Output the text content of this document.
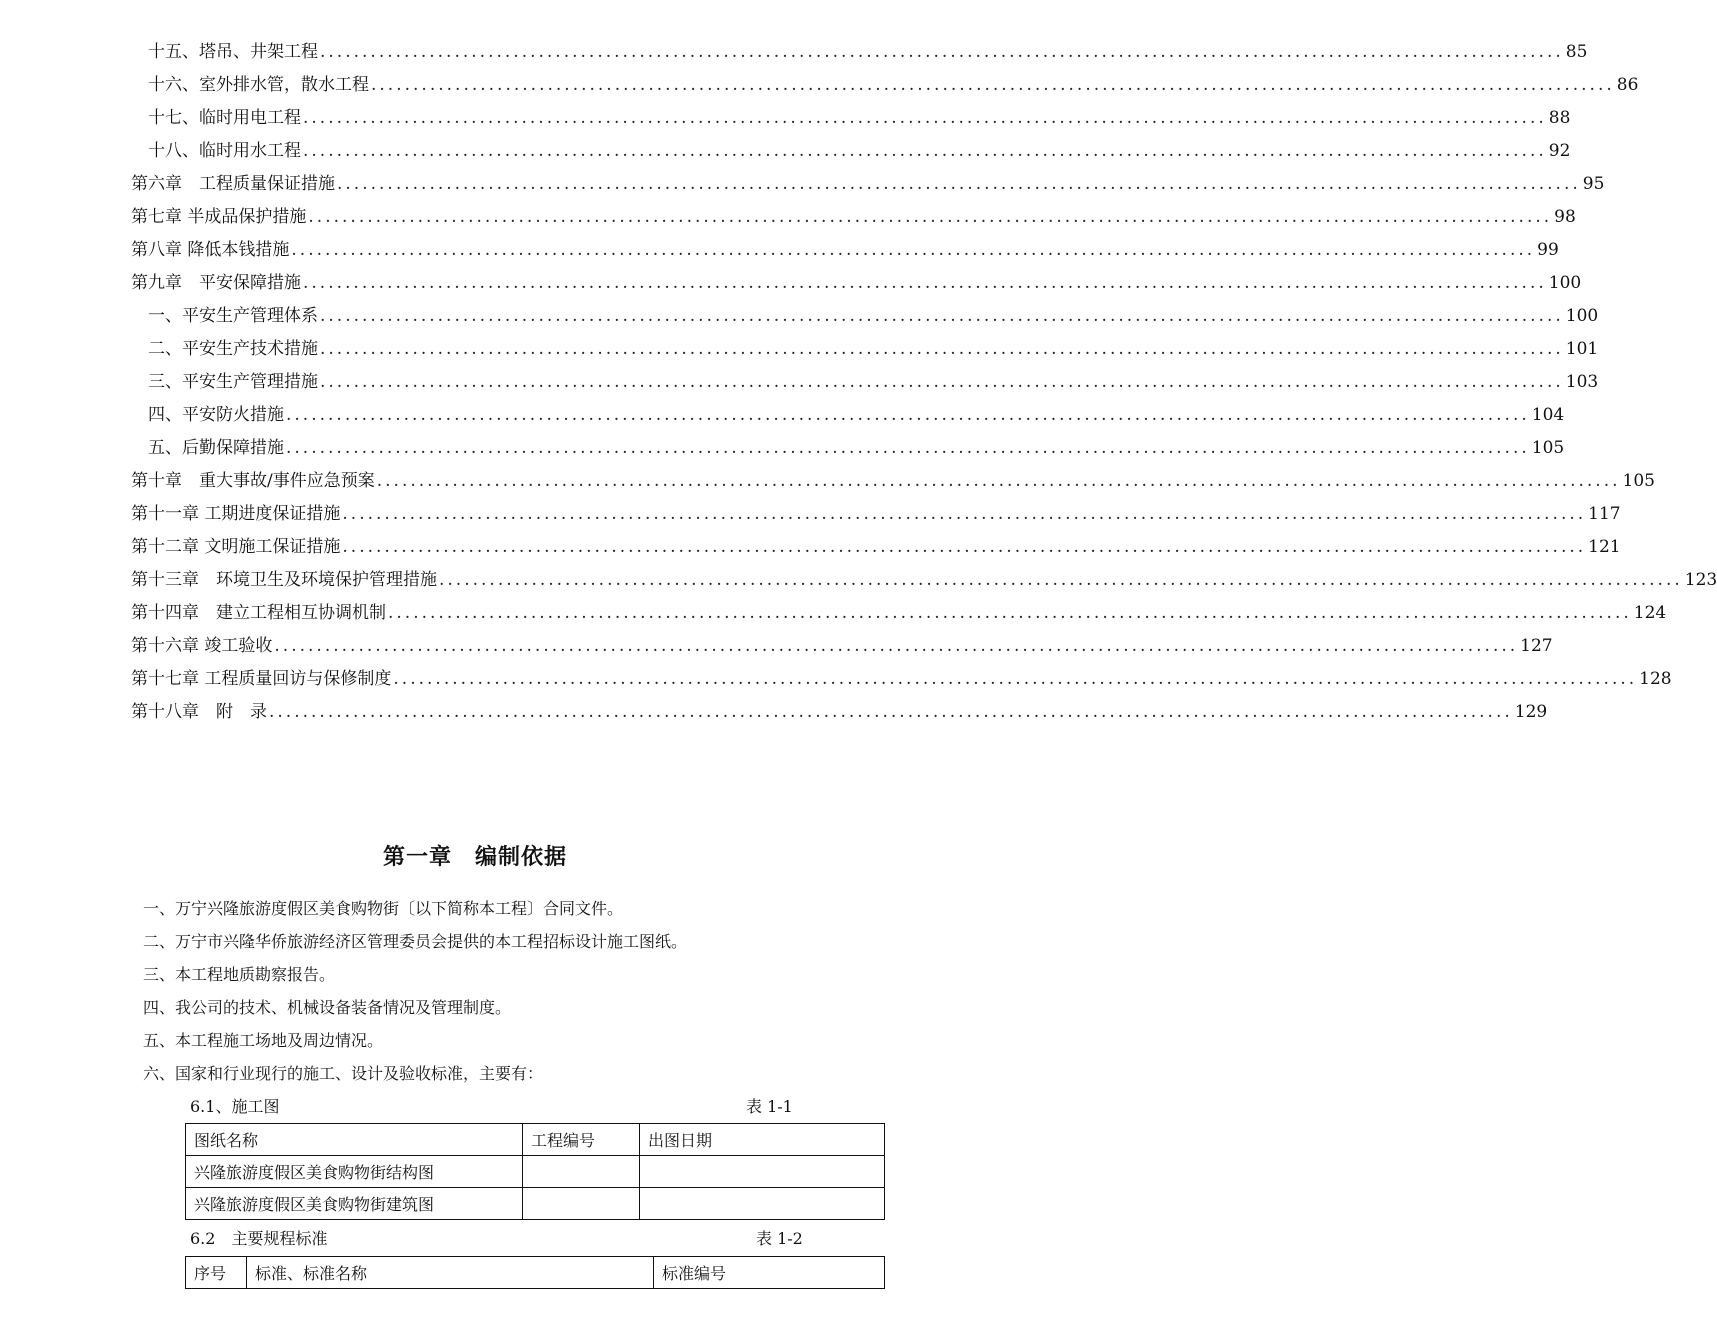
十五、塔吊、井架工程 .................................................................................................................................................... 85
十六、室外排水管，散水工程 .................................................................................................................................................... 86
十七、临时用电工程 .................................................................................................................................................... 88
十八、临时用水工程 .................................................................................................................................................... 92
第六章　工程质量保证措施 .................................................................................................................................................... 95
第七章 半成品保护措施 .................................................................................................................................................... 98
第八章 降低本钱措施 .................................................................................................................................................... 99
第九章　平安保障措施 .................................................................................................................................................... 100
一、平安生产管理体系 .................................................................................................................................................... 100
二、平安生产技术措施 .................................................................................................................................................... 101
三、平安生产管理措施 .................................................................................................................................................... 103
四、平安防火措施 .................................................................................................................................................... 104
五、后勤保障措施 .................................................................................................................................................... 105
第十章　重大事故/事件应急预案 .................................................................................................................................................... 105
第十一章 工期进度保证措施 .................................................................................................................................................... 117
第十二章 文明施工保证措施 .................................................................................................................................................... 121
第十三章　环境卫生及环境保护管理措施 .................................................................................................................................................... 123
第十四章　建立工程相互协调机制 .................................................................................................................................................... 124
第十六章 竣工验收 .................................................................................................................................................... 127
第十七章 工程质量回访与保修制度 .................................................................................................................................................... 128
第十八章　附　录 .................................................................................................................................................... 129
第一章　编制依据
一、万宁兴隆旅游度假区美食购物街〔以下简称本工程〕合同文件。
二、万宁市兴隆华侨旅游经济区管理委员会提供的本工程招标设计施工图纸。
三、本工程地质勘察报告。
四、我公司的技术、机械设备装备情况及管理制度。
五、本工程施工场地及周边情况。
六、国家和行业现行的施工、设计及验收标准，主要有：
6.1、施工图	表 1-1
图纸名称	工程编号	出图日期
兴隆旅游度假区美食购物街结构图		
兴隆旅游度假区美食购物街建筑图		
6.2　主要规程标准	表 1-2
序号	标准、标准名称	标准编号
